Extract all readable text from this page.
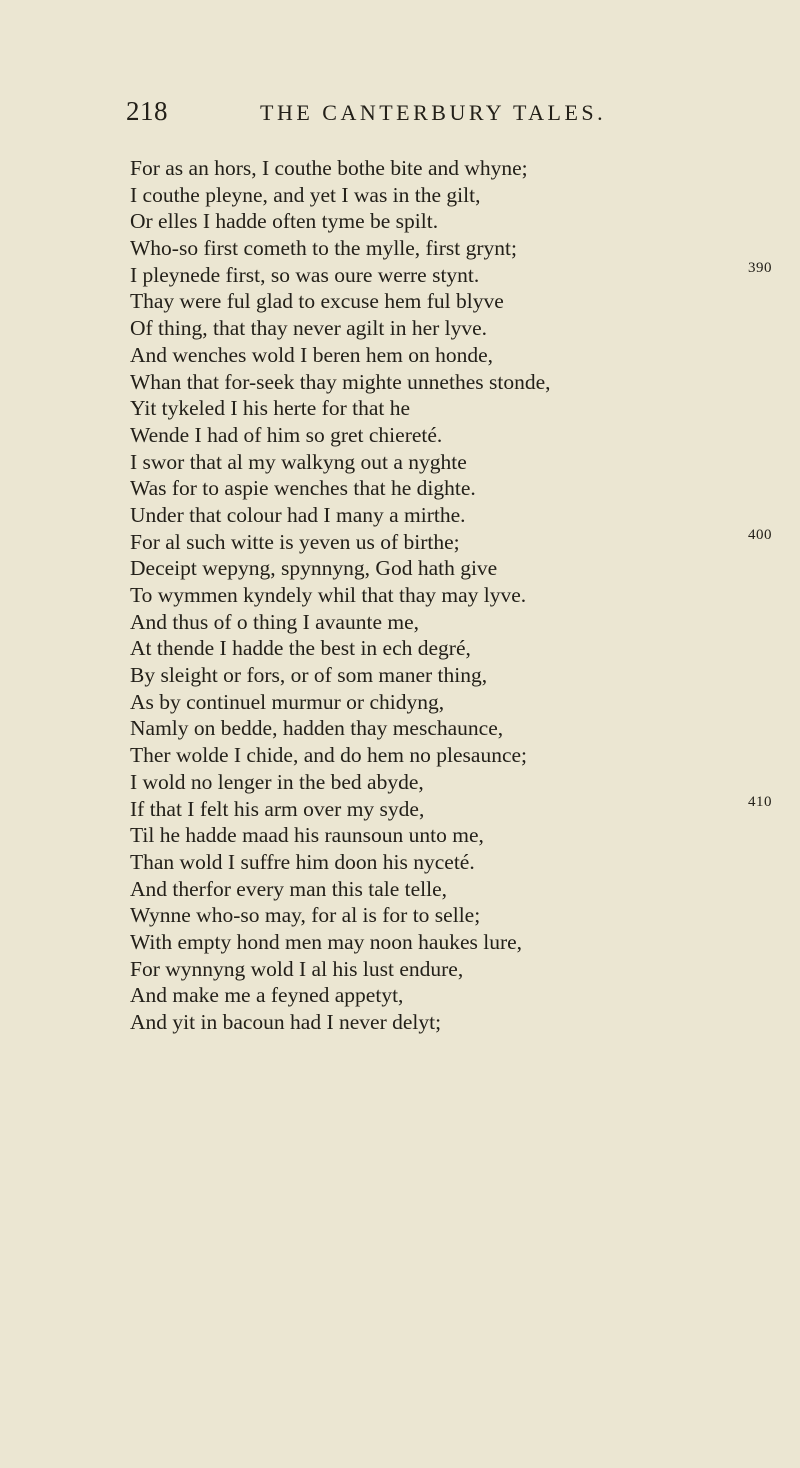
218	THE CANTERBURY TALES.
For as an hors, I couthe bothe bite and whyne;
I couthe pleyne, and yet I was in the gilt,
Or elles I hadde often tyme be spilt.
Who-so first cometh to the mylle, first grynt;
I pleynede first, so was oure werre stynt.
Thay were ful glad to excuse hem ful blyve
Of thing, that thay never agilt in her lyve.
And wenches wold I beren hem on honde,
Whan that for-seek thay mighte unnethes stonde,
Yit tykeled I his herte for that he
Wende I had of him so gret chiereté.
I swor that al my walkyng out a nyghte
Was for to aspie wenches that he dighte.
Under that colour had I many a mirthe.
For al such witte is yeven us of birthe;
Deceipt wepyng, spynnyng, God hath give
To wymmen kyndely whil that thay may lyve.
And thus of o thing I avaunte me,
At thende I hadde the best in ech degré,
By sleight or fors, or of som maner thing,
As by continuel murmur or chidyng,
Namly on bedde, hadden thay meschaunce,
Ther wolde I chide, and do hem no plesaunce;
I wold no lenger in the bed abyde,
If that I felt his arm over my syde,
Til he hadde maad his raunsoun unto me,
Than wold I suffre him doon his nyceté.
And therfor every man this tale telle,
Wynne who-so may, for al is for to selle;
With empty hond men may noon haukes lure,
For wynnyng wold I al his lust endure,
And make me a feyned appetyt,
And yit in bacoun had I never delyt;
390
400
410
